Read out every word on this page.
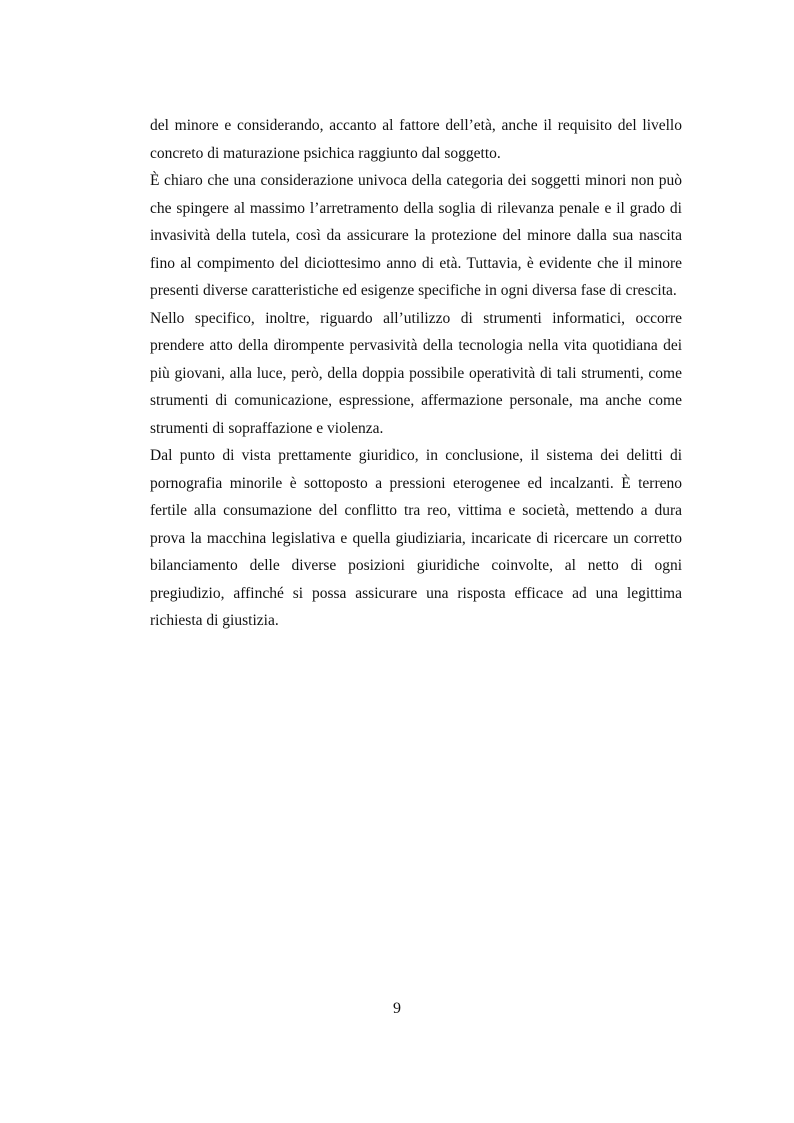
del minore e considerando, accanto al fattore dell’età, anche il requisito del livello concreto di maturazione psichica raggiunto dal soggetto.

È chiaro che una considerazione univoca della categoria dei soggetti minori non può che spingere al massimo l’arretramento della soglia di rilevanza penale e il grado di invasività della tutela, così da assicurare la protezione del minore dalla sua nascita fino al compimento del diciottesimo anno di età. Tuttavia, è evidente che il minore presenti diverse caratteristiche ed esigenze specifiche in ogni diversa fase di crescita.

Nello specifico, inoltre, riguardo all’utilizzo di strumenti informatici, occorre prendere atto della dirompente pervasività della tecnologia nella vita quotidiana dei più giovani, alla luce, però, della doppia possibile operatività di tali strumenti, come strumenti di comunicazione, espressione, affermazione personale, ma anche come strumenti di sopraffazione e violenza.

Dal punto di vista prettamente giuridico, in conclusione, il sistema dei delitti di pornografia minorile è sottoposto a pressioni eterogenee ed incalzanti. È terreno fertile alla consumazione del conflitto tra reo, vittima e società, mettendo a dura prova la macchina legislativa e quella giudiziaria, incaricate di ricercare un corretto bilanciamento delle diverse posizioni giuridiche coinvolte, al netto di ogni pregiudizio, affinché si possa assicurare una risposta efficace ad una legittima richiesta di giustizia.

9
